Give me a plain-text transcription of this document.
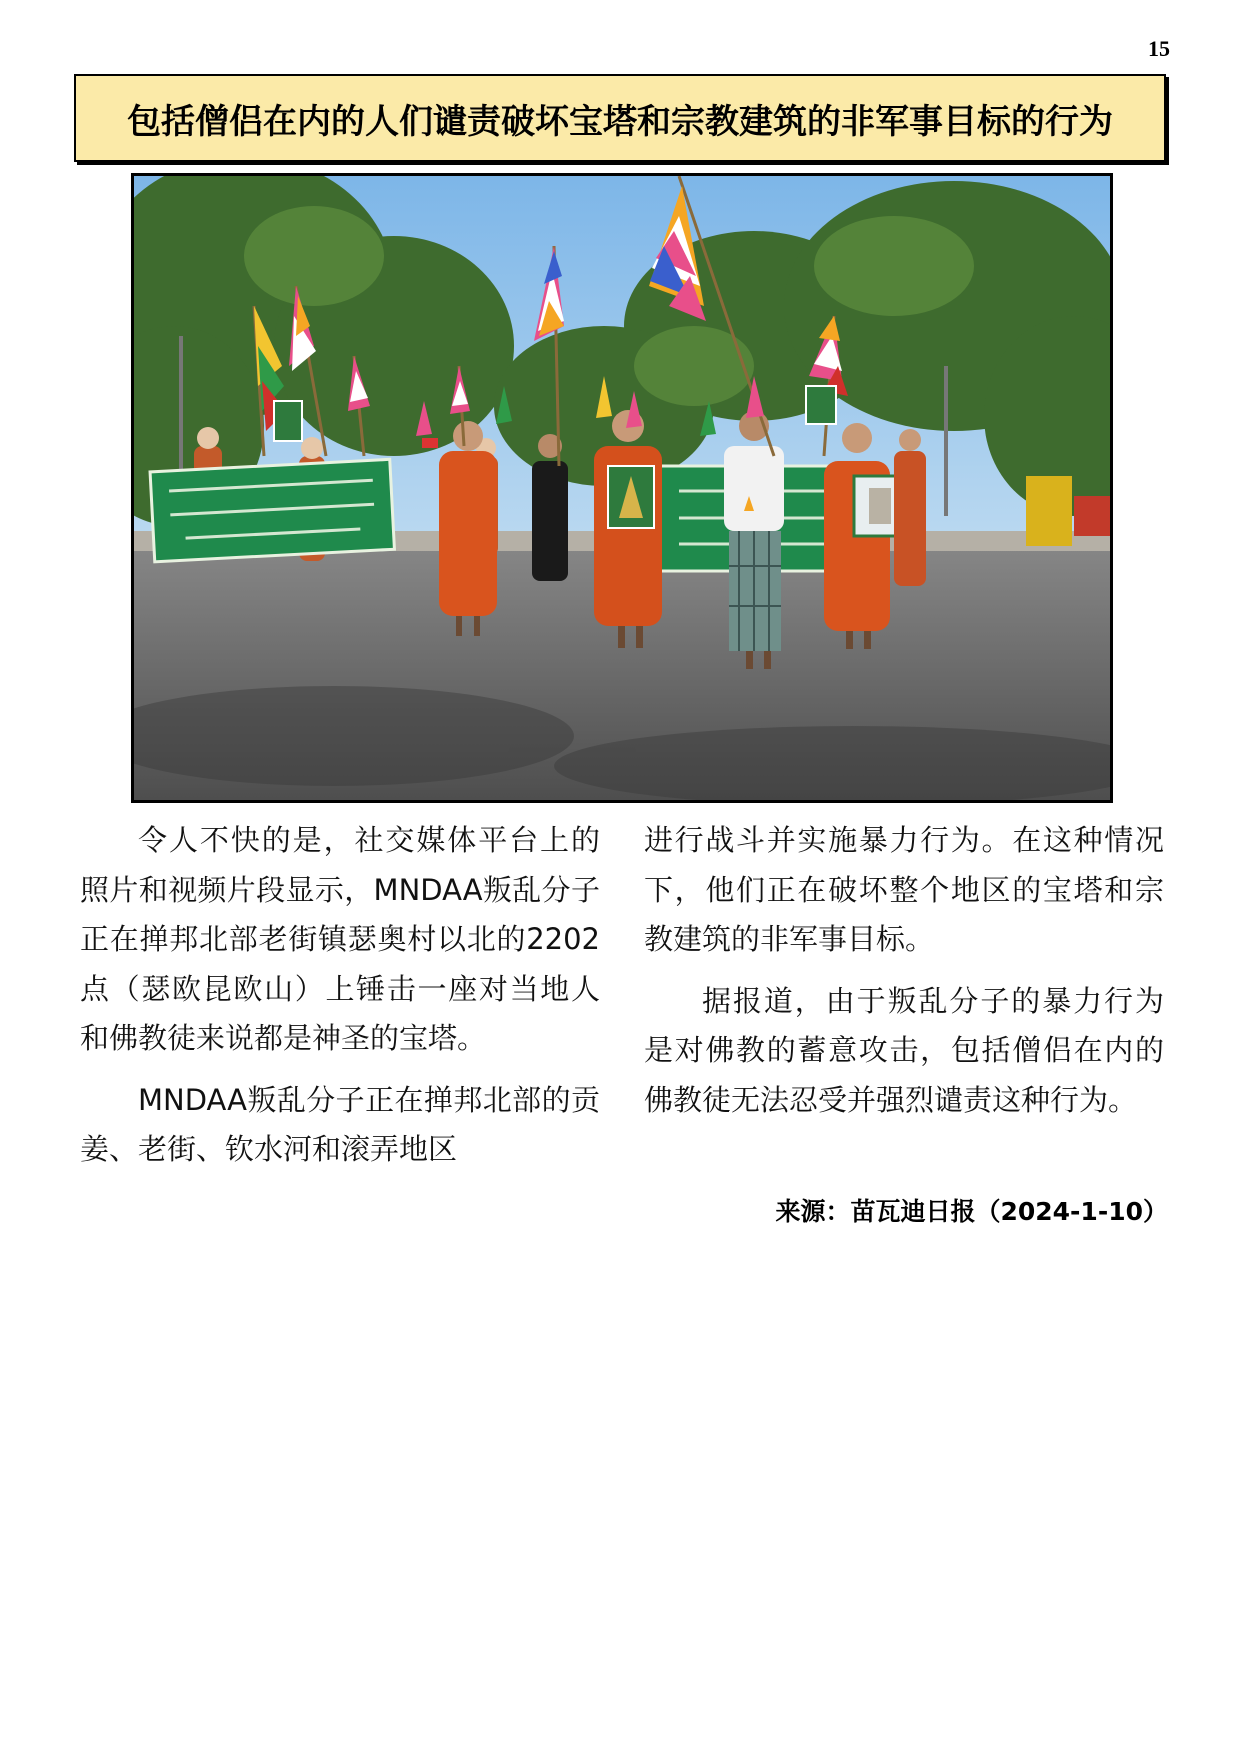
15
包括僧侣在内的人们谴责破坏宝塔和宗教建筑的非军事目标的行为

令人不快的是，社交媒体平台上的照片和视频片段显示，MNDAA叛乱分子正在掸邦北部老街镇瑟奥村以北的2202点（瑟欧昆欧山）上锤击一座对当地人和佛教徒来说都是神圣的宝塔。

MNDAA叛乱分子正在掸邦北部的贡姜、老街、钦水河和滚弄地区

进行战斗并实施暴力行为。在这种情况下，他们正在破坏整个地区的宝塔和宗教建筑的非军事目标。

据报道，由于叛乱分子的暴力行为是对佛教的蓄意攻击，包括僧侣在内的佛教徒无法忍受并强烈谴责这种行为。

来源：苗瓦迪日报（2024-1-10）
